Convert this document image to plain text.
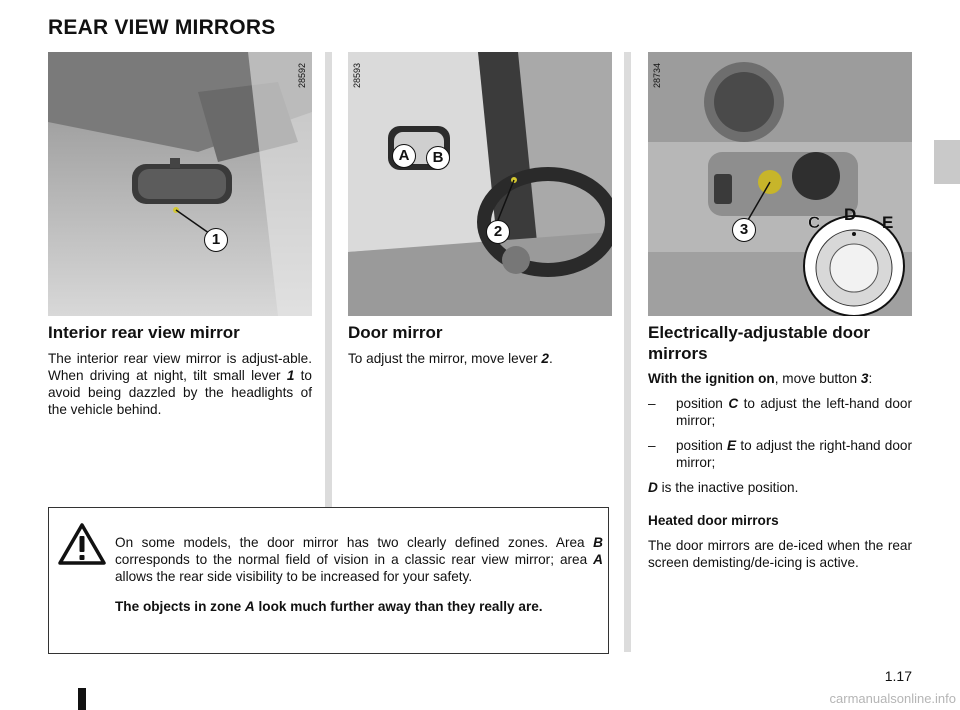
REAR VIEW MIRRORS
1
28592
A	B
2
28593
3	C D E
28734
Interior rear view mirror
The interior rear view mirror is adjust-able. When driving at night, tilt small lever 1 to avoid being dazzled by the headlights of the vehicle behind.
Door mirror
To adjust the mirror, move lever 2.
Electrically-adjustable door mirrors

With the ignition on, move button 3:

– position C to adjust the left-hand door mirror;
– position E to adjust the right-hand door mirror;

D is the inactive position.

Heated door mirrors

The door mirrors are de-iced when the rear screen demisting/de-icing is active.

On some models, the door mirror has two clearly defined zones. Area B corresponds to the normal field of vision in a classic rear view mirror; area A allows the rear side visibility to be increased for your safety.

The objects in zone A look much further away than they really are.

1.17
carmanualsonline.info
